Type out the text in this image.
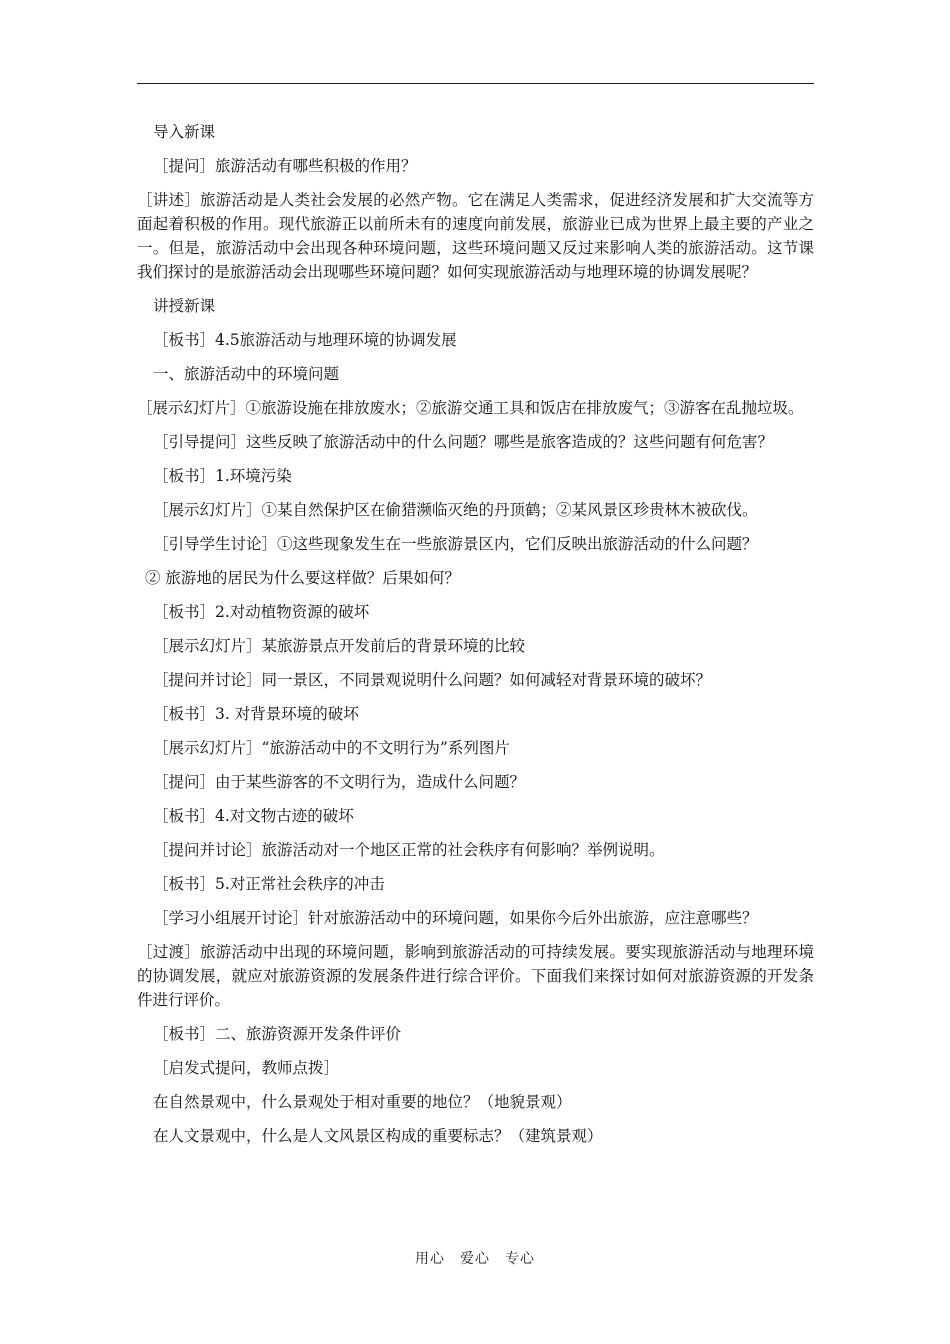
导入新课

［提问］旅游活动有哪些积极的作用？

［讲述］旅游活动是人类社会发展的必然产物。它在满足人类需求，促进经济发展和扩大交流等方面起着积极的作用。现代旅游正以前所未有的速度向前发展，旅游业已成为世界上最主要的产业之一。但是，旅游活动中会出现各种环境问题，这些环境问题又反过来影响人类的旅游活动。这节课我们探讨的是旅游活动会出现哪些环境问题？如何实现旅游活动与地理环境的协调发展呢？

讲授新课

［板书］4.5旅游活动与地理环境的协调发展

一、旅游活动中的环境问题

［展示幻灯片］①旅游设施在排放废水；②旅游交通工具和饭店在排放废气；③游客在乱抛垃圾。

［引导提问］这些反映了旅游活动中的什么问题？哪些是旅客造成的？这些问题有何危害？

［板书］1.环境污染

［展示幻灯片］①某自然保护区在偷猎濒临灭绝的丹顶鹤；②某风景区珍贵林木被砍伐。

［引导学生讨论］①这些现象发生在一些旅游景区内，它们反映出旅游活动的什么问题？

② 旅游地的居民为什么要这样做？后果如何？

［板书］2.对动植物资源的破坏

［展示幻灯片］某旅游景点开发前后的背景环境的比较

［提问并讨论］同一景区，不同景观说明什么问题？如何减轻对背景环境的破坏？

［板书］3. 对背景环境的破坏

［展示幻灯片］“旅游活动中的不文明行为”系列图片

［提问］由于某些游客的不文明行为，造成什么问题？

［板书］4.对文物古迹的破坏

［提问并讨论］旅游活动对一个地区正常的社会秩序有何影响？举例说明。

［板书］5.对正常社会秩序的冲击

［学习小组展开讨论］针对旅游活动中的环境问题，如果你今后外出旅游，应注意哪些？

［过渡］旅游活动中出现的环境问题，影响到旅游活动的可持续发展。要实现旅游活动与地理环境的协调发展，就应对旅游资源的发展条件进行综合评价。下面我们来探讨如何对旅游资源的开发条件进行评价。

［板书］二、旅游资源开发条件评价

［启发式提问，教师点拨］

在自然景观中，什么景观处于相对重要的地位？（地貌景观）

在人文景观中，什么是人文风景区构成的重要标志？（建筑景观）

用心　爱心　专心
